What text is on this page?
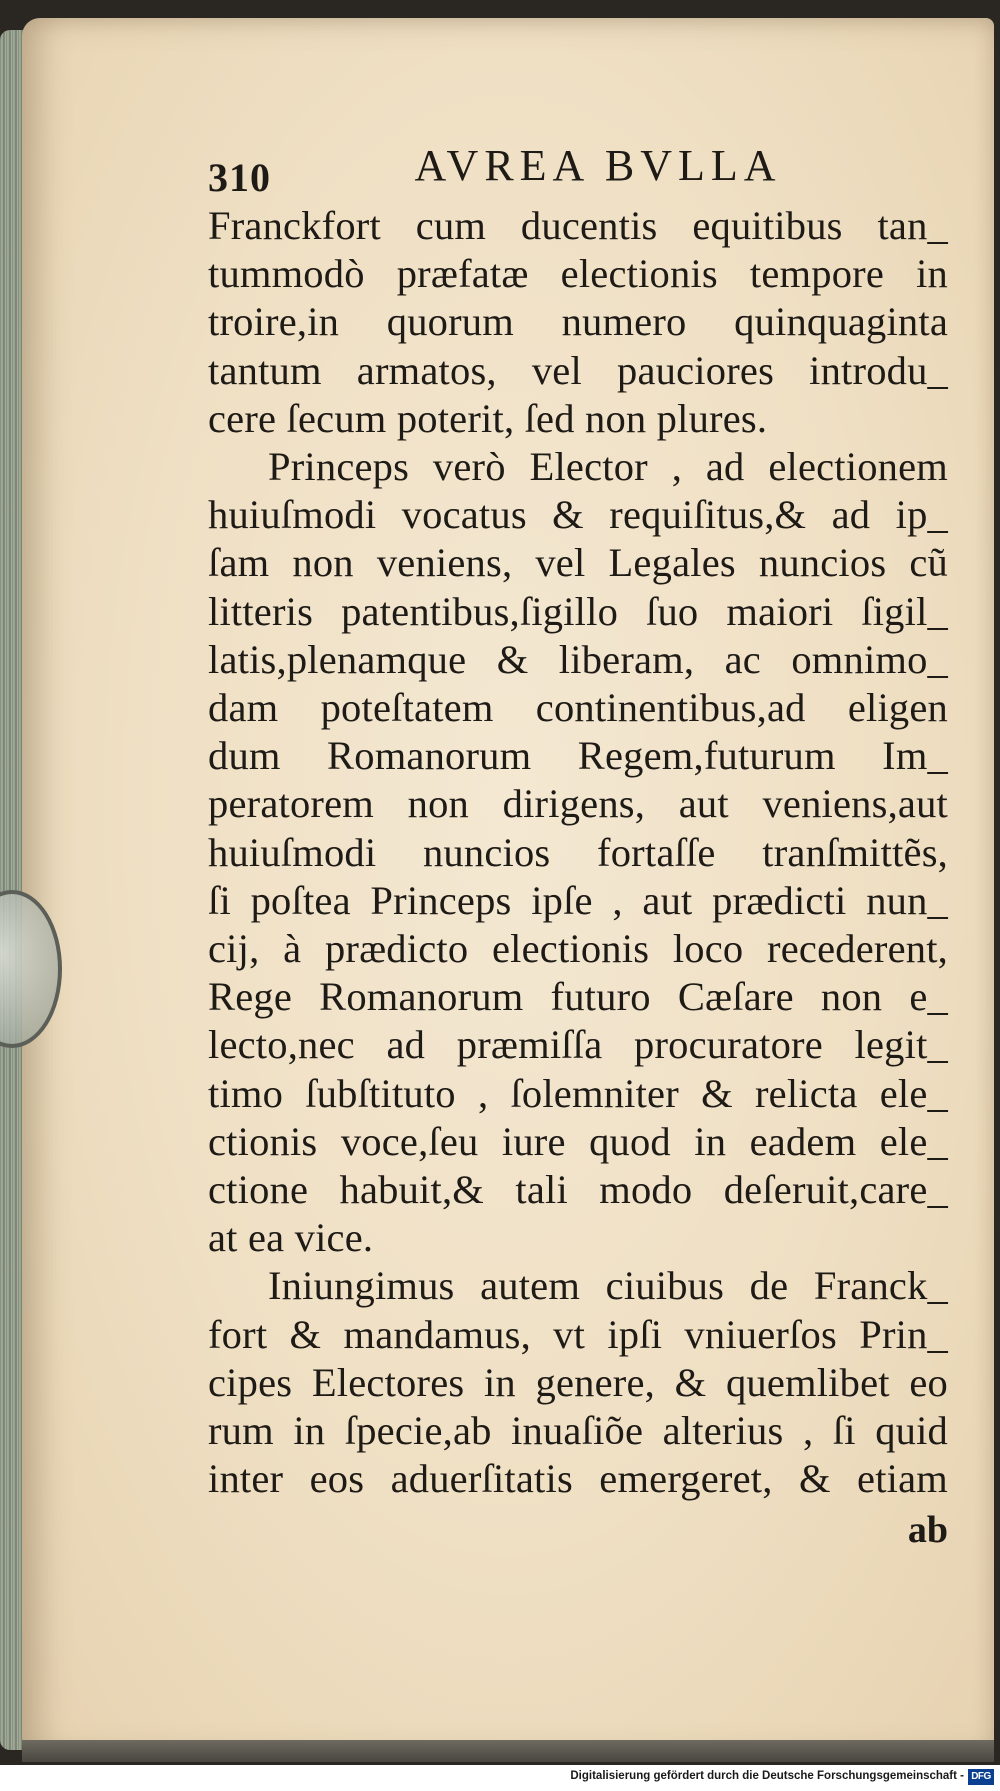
310	AVREA BVLLA
Franckfort cum ducentis equitibus tan_
tummodò præfatæ electionis tempore in
troire,in quorum numero quinquaginta
tantum armatos, vel pauciores introdu_
cere ſecum poterit, ſed non plures.
Princeps verò Elector , ad electionem
huiuſmodi vocatus & requiſitus,& ad ip_
ſam non veniens, vel Legales nuncios cũ
litteris patentibus,ſigillo ſuo maiori ſigil_
latis,plenamque & liberam, ac omnimo_
dam poteſtatem continentibus,ad eligen
dum Romanorum Regem,futurum Im_
peratorem non dirigens, aut veniens,aut
huiuſmodi nuncios fortaſſe tranſmittẽs,
ſi poſtea Princeps ipſe , aut prædicti nun_
cij, à prædicto electionis loco recederent,
Rege Romanorum futuro Cæſare non e_
lecto,nec ad præmiſſa procuratore legit_
timo ſubſtituto , ſolemniter & relicta ele_
ctionis voce,ſeu iure quod in eadem ele_
ctione habuit,& tali modo deſeruit,care_
at ea vice.
Iniungimus autem ciuibus de Franck_
fort & mandamus, vt ipſi vniuerſos Prin_
cipes Electores in genere, & quemlibet eo
rum in ſpecie,ab inuaſiõe alterius , ſi quid
inter eos aduerſitatis emergeret, & etiam
ab
Digitalisierung gefördert durch die Deutsche Forschungsgemeinschaft - DFG
